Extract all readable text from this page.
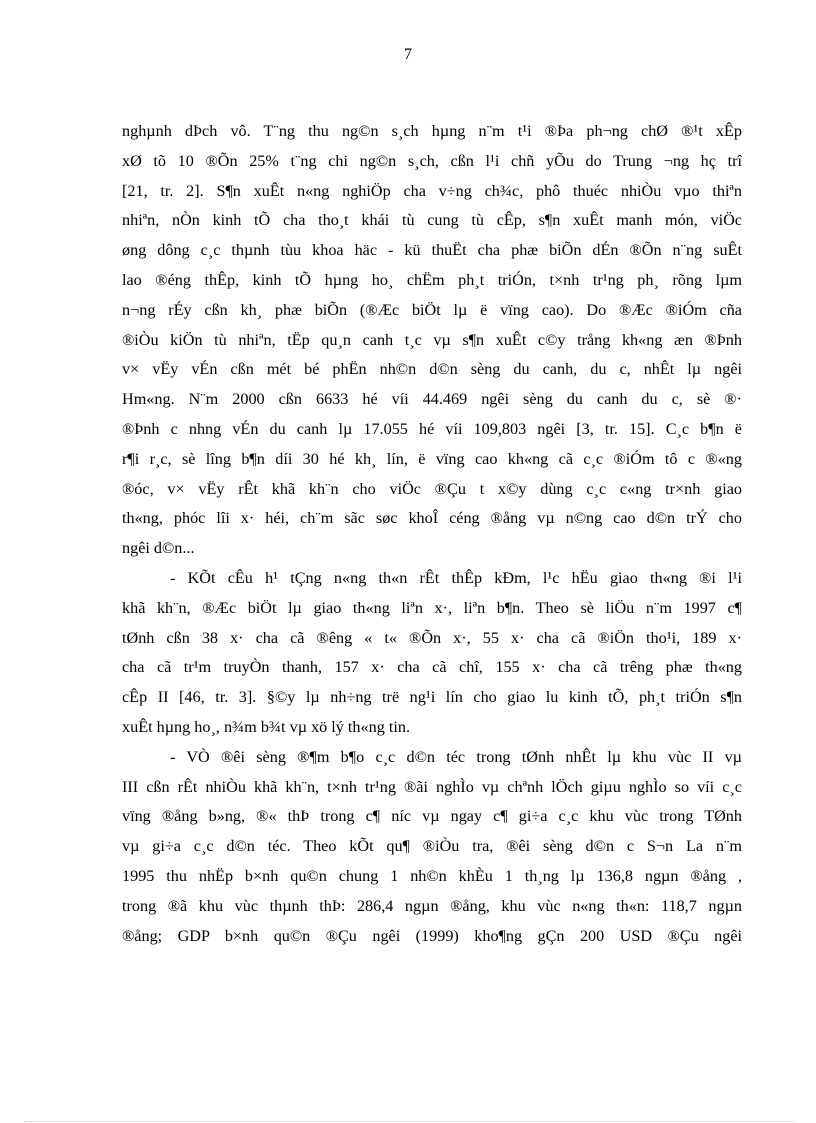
7
nghµnh dÞch vô. T¨ng thu ng©n s¸ch hµng n¨m t¹i ®Þa ph¬ng chØ ®¹t xÊp
xØ tõ 10 ®Õn 25% t¨ng chi ng©n s¸ch, cßn l¹i chñ yÕu do Trung ¬ng hç trî
[21, tr. 2]. S¶n xuÊt n«ng nghiÖp cha v÷ng ch¾c, phô thuéc nhiÒu vµo thiªn
nhiªn, nÒn kinh tÕ cha tho¸t khái tù cung tù cÊp, s¶n xuÊt manh món, viÖc
øng dông c¸c thµnh tùu khoa häc - kü thuËt cha phæ biÕn dÉn ®Õn n¨ng suÊt
lao ®éng thÊp, kinh tÕ hµng ho¸ chËm ph¸t triÓn, t×nh tr¹ng ph¸ rõng lµm
n¬ng rÉy cßn kh¸ phæ biÕn (®Æc biÖt lµ ë vïng cao). Do ®Æc ®iÓm cña
®iÒu kiÖn tù nhiªn, tËp qu¸n canh t¸c vµ s¶n xuÊt c©y trång kh«ng æn ®Þnh
v× vËy vÉn cßn mét bé phËn nh©n d©n sèng du canh, du c, nhÊt lµ ngêi
Hm«ng. N¨m 2000 cßn 6633 hé víi 44.469 ngêi sèng du canh du c, sè ®·
®Þnh c nhng vÉn du canh lµ 17.055 hé víi 109,803 ngêi [3, tr. 15]. C¸c b¶n ë
r¶i r¸c, sè lîng b¶n díi 30 hé kh¸ lín, ë vïng cao kh«ng cã c¸c ®iÓm tô c ®«ng
®óc, v× vËy rÊt khã kh¨n cho viÖc ®Çu t x©y dùng c¸c c«ng tr×nh giao
th«ng, phóc lîi x· héi, ch¨m sãc søc khoÎ céng ®ång vµ n©ng cao d©n trÝ cho
ngêi d©n...
- KÕt cÊu h¹ tÇng n«ng th«n rÊt thÊp kÐm, l¹c hËu giao th«ng ®i l¹i
khã kh¨n, ®Æc biÖt lµ giao th«ng liªn x·, liªn b¶n. Theo sè liÖu n¨m 1997 c¶
tØnh cßn 38 x· cha cã ®êng « t« ®Õn x·, 55 x· cha cã ®iÖn tho¹i, 189 x·
cha cã tr¹m truyÒn thanh, 157 x· cha cã chî, 155 x· cha cã trêng phæ th«ng
cÊp II [46, tr. 3]. §©y lµ nh÷ng trë ng¹i lín cho giao lu kinh tÕ, ph¸t triÓn s¶n
xuÊt hµng ho¸, n¾m b¾t vµ xö lý th«ng tin.
- VÒ ®êi sèng ®¶m b¶o c¸c d©n téc trong tØnh nhÊt lµ khu vùc II vµ
III cßn rÊt nhiÒu khã kh¨n, t×nh tr¹ng ®ãi nghÌo vµ chªnh lÖch giµu nghÌo so víi c¸c
vïng ®ång b»ng, ®« thÞ trong c¶ níc vµ ngay c¶ gi÷a c¸c khu vùc trong TØnh
vµ gi÷a c¸c d©n téc. Theo kÕt qu¶ ®iÒu tra, ®êi sèng d©n c S¬n La n¨m
1995 thu nhËp b×nh qu©n chung 1 nh©n khÈu 1 th¸ng lµ 136,8 ngµn ®ång ,
trong ®ã khu vùc thµnh thÞ: 286,4 ngµn ®ång, khu vùc n«ng th«n: 118,7 ngµn
®ång; GDP b×nh qu©n ®Çu ngêi (1999) kho¶ng gÇn 200 USD ®Çu ngêi
